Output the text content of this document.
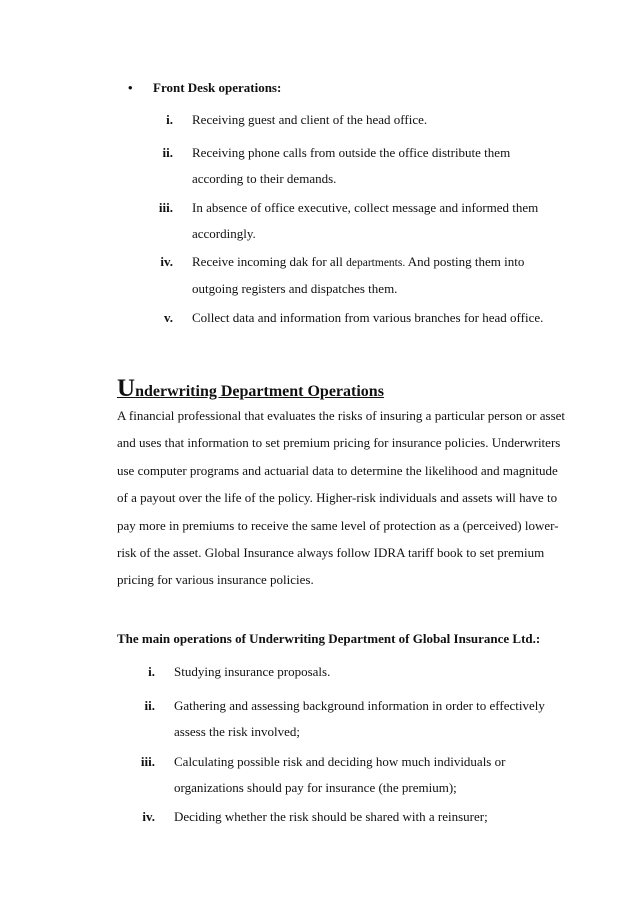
• Front Desk operations:
i. Receiving guest and client of the head office.
ii. Receiving phone calls from outside the office distribute them
according to their demands.
iii. In absence of office executive, collect message and informed them
accordingly.
iv. Receive incoming dak for all departments. And posting them into
outgoing registers and dispatches them.
v. Collect data and information from various branches for head office.
Underwriting Department Operations
A financial professional that evaluates the risks of insuring a particular person or asset
and uses that information to set premium pricing for insurance policies. Underwriters
use computer programs and actuarial data to determine the likelihood and magnitude
of a payout over the life of the policy. Higher-risk individuals and assets will have to
pay more in premiums to receive the same level of protection as a (perceived) lower-
risk of the asset. Global Insurance always follow IDRA tariff book to set premium
pricing for various insurance policies.
The main operations of Underwriting Department of Global Insurance Ltd.:
i. Studying insurance proposals.
ii. Gathering and assessing background information in order to effectively
assess the risk involved;
iii. Calculating possible risk and deciding how much individuals or
organizations should pay for insurance (the premium);
iv. Deciding whether the risk should be shared with a reinsurer;
